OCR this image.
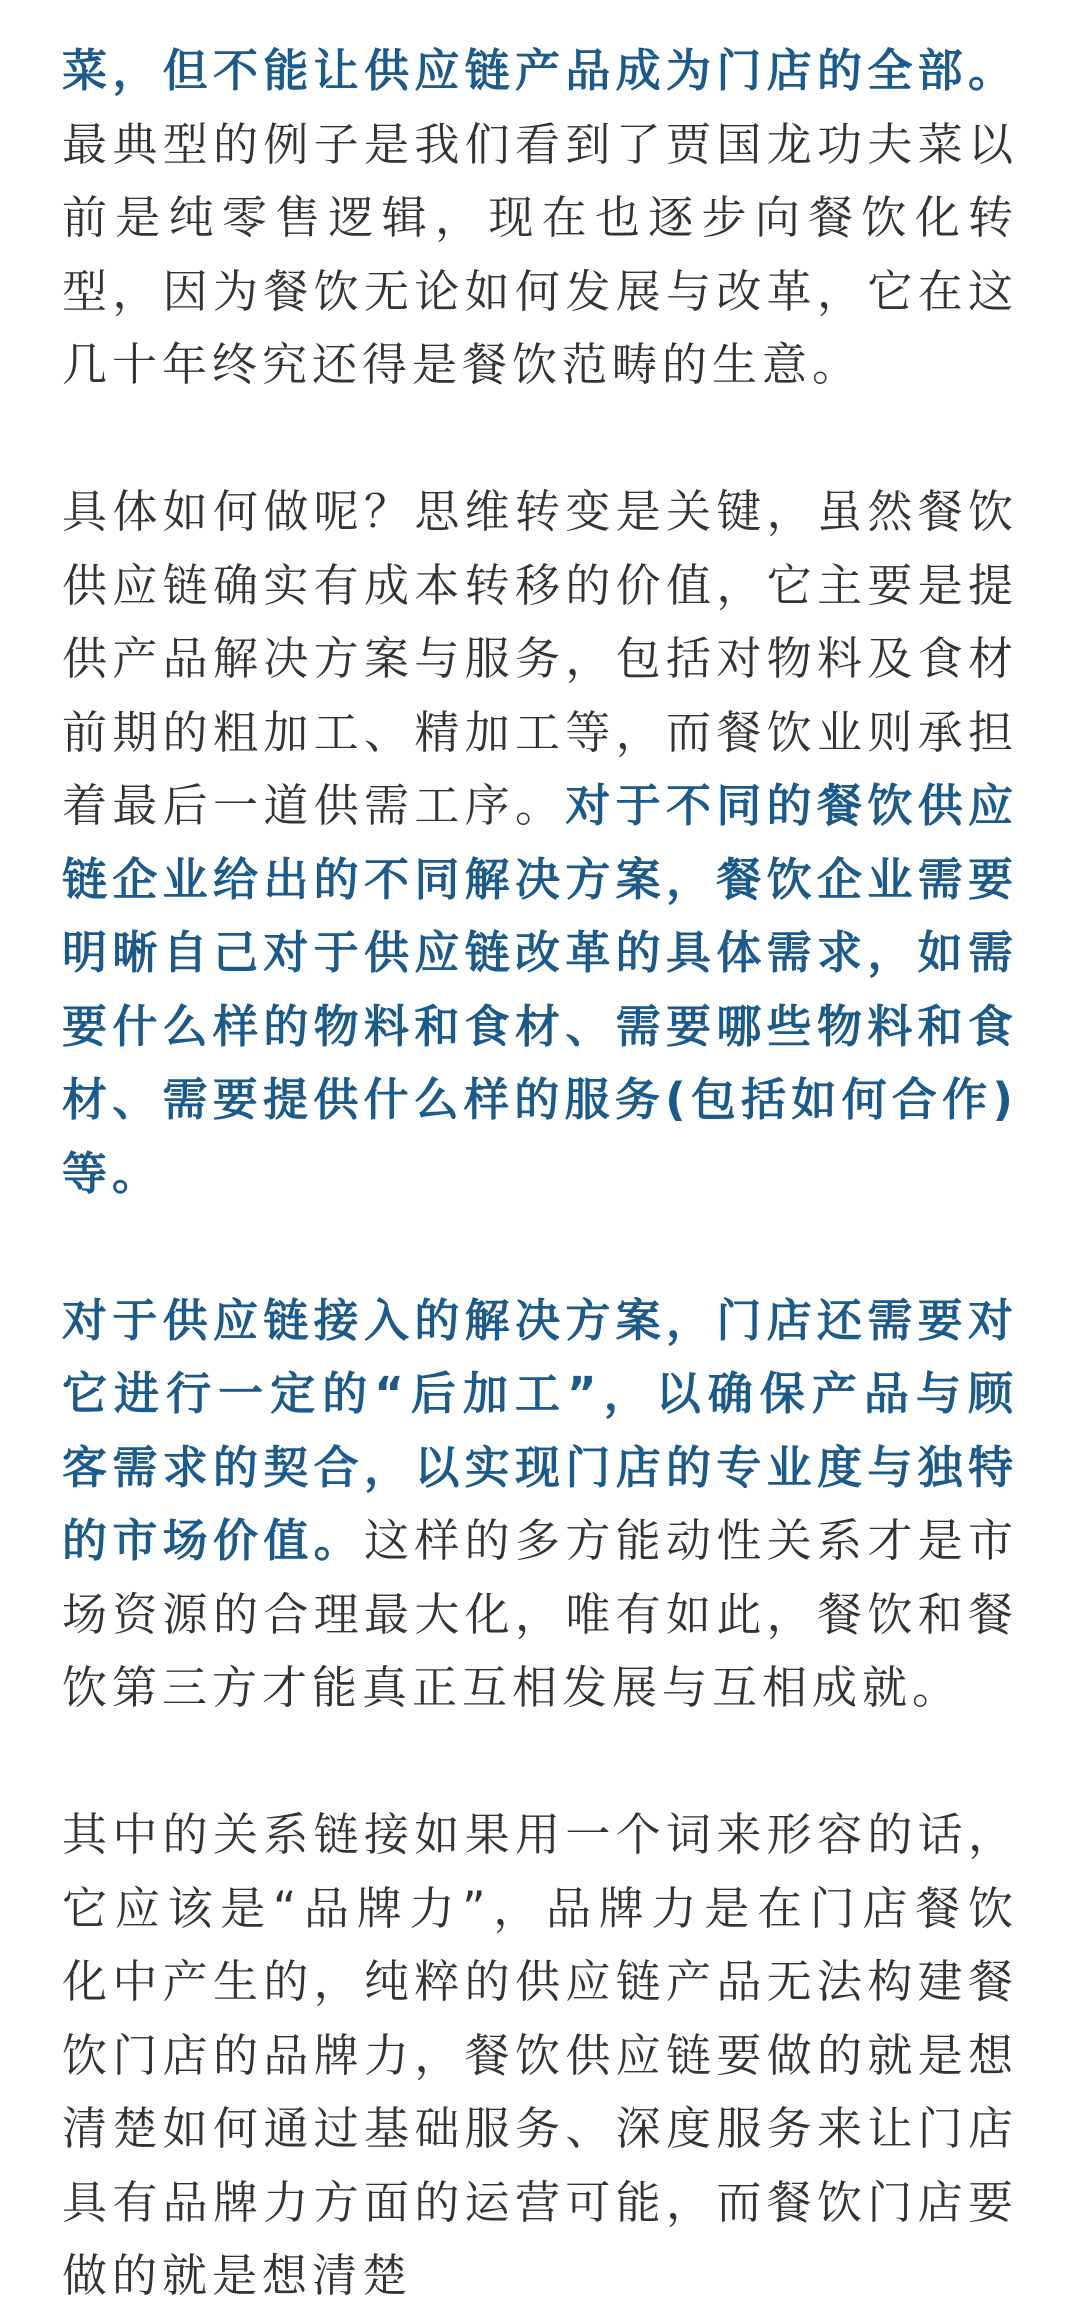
菜，但不能让供应链产品成为门店的全部。最典型的例子是我们看到了贾国龙功夫菜以前是纯零售逻辑，现在也逐步向餐饮化转型，因为餐饮无论如何发展与改革，它在这几十年终究还得是餐饮范畴的生意。

具体如何做呢？思维转变是关键，虽然餐饮供应链确实有成本转移的价值，它主要是提供产品解决方案与服务，包括对物料及食材前期的粗加工、精加工等，而餐饮业则承担着最后一道供需工序。对于不同的餐饮供应链企业给出的不同解决方案，餐饮企业需要明晰自己对于供应链改革的具体需求，如需要什么样的物料和食材、需要哪些物料和食材、需要提供什么样的服务(包括如何合作)等。

对于供应链接入的解决方案，门店还需要对它进行一定的“后加工”，以确保产品与顾客需求的契合，以实现门店的专业度与独特的市场价值。这样的多方能动性关系才是市场资源的合理最大化，唯有如此，餐饮和餐饮第三方才能真正互相发展与互相成就。

其中的关系链接如果用一个词来形容的话，它应该是“品牌力”，品牌力是在门店餐饮化中产生的，纯粹的供应链产品无法构建餐饮门店的品牌力，餐饮供应链要做的就是想清楚如何通过基础服务、深度服务来让门店具有品牌力方面的运营可能，而餐饮门店要做的就是想清楚
